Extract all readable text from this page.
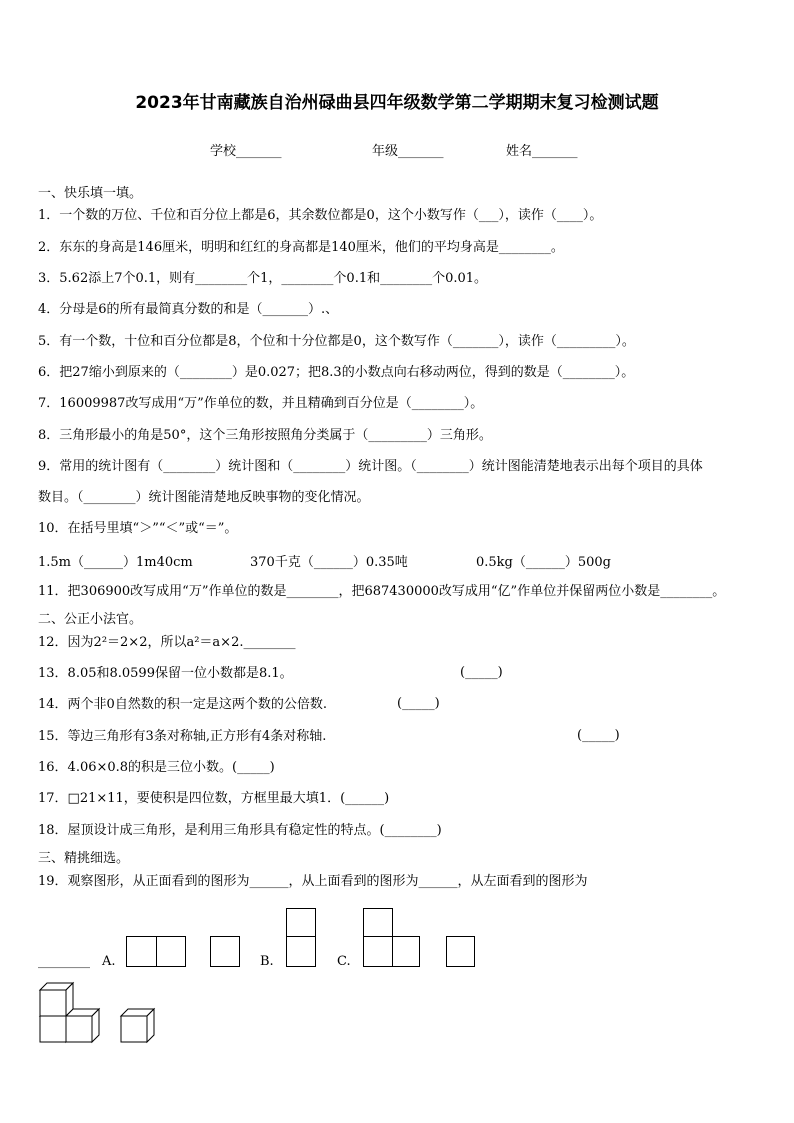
2023年甘南藏族自治州碌曲县四年级数学第二学期期末复习检测试题
学校_______	年级_______	姓名_______
一、快乐填一填。
1．一个数的万位、千位和百分位上都是6，其余数位都是0，这个小数写作（___），读作（____）。
2．东东的身高是146厘米，明明和红红的身高都是140厘米，他们的平均身高是________。
3．5.62添上7个0.1，则有________个1，________个0.1和________个0.01。
4．分母是6的所有最简真分数的和是（_______）.、
5．有一个数，十位和百分位都是8，个位和十分位都是0，这个数写作（_______），读作（_________）。
6．把27缩小到原来的（________）是0.027；把8.3的小数点向右移动两位，得到的数是（________）。
7．16009987改写成用“万”作单位的数，并且精确到百分位是（________）。
8．三角形最小的角是50°，这个三角形按照角分类属于（_________）三角形。
9．常用的统计图有（________）统计图和（________）统计图。（________）统计图能清楚地表示出每个项目的具体
数目。（________）统计图能清楚地反映事物的变化情况。
10．在括号里填“＞”“＜”或“＝”。
1.5m（______）1m40cm	370千克（______）0.35吨	0.5kg（______）500g
11．把306900改写成用“万”作单位的数是________，把687430000改写成用“亿”作单位并保留两位小数是________。
二、公正小法官。
12．因为2²＝2×2，所以a²＝a×2.________
13．8.05和8.0599保留一位小数都是8.1。	(_____)
14．两个非0自然数的积一定是这两个数的公倍数.	(_____)
15．等边三角形有3条对称轴,正方形有4条对称轴.	(_____)
16．4.06×0.8的积是三位小数。(_____)
17．□21×11，要使积是四位数，方框里最大填1．(______)
18．屋顶设计成三角形，是利用三角形具有稳定性的特点。(________)
三、精挑细选。
19．观察图形，从正面看到的图形为______，从上面看到的图形为______，从左面看到的图形为
________ A.	B.	C.
